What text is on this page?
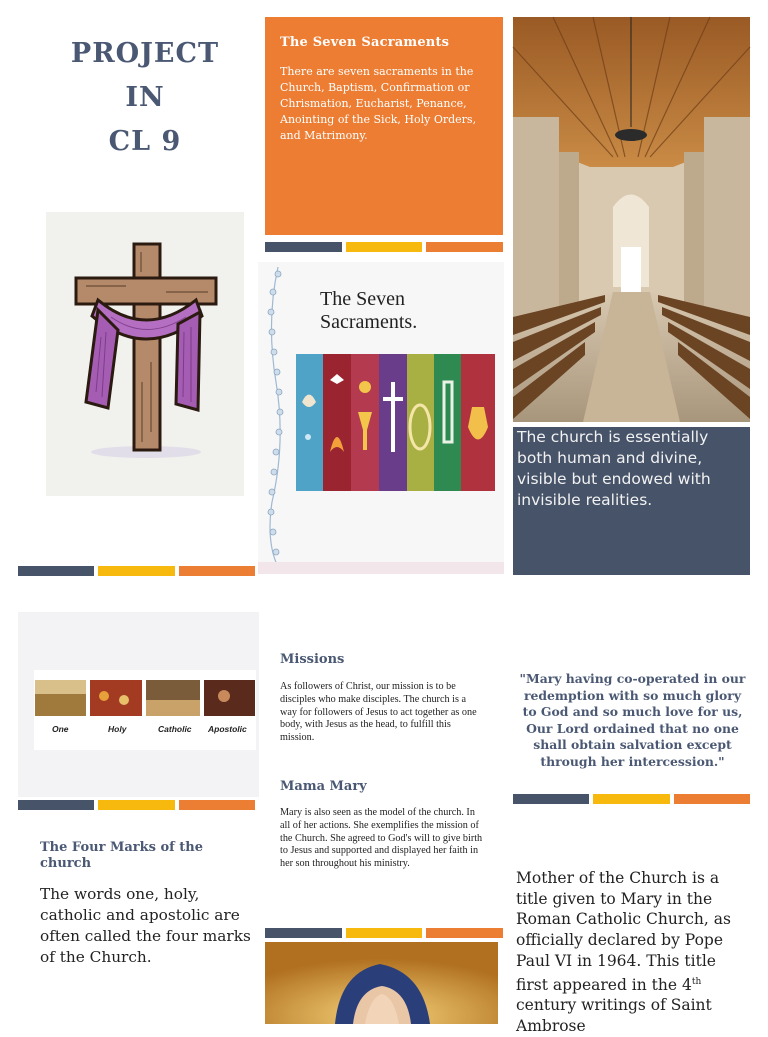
PROJECT
IN
CL 9
The Seven Sacraments

There are seven sacraments in the Church, Baptism, Confirmation or Chrismation, Eucharist, Penance, Anointing of the Sick, Holy Orders, and Matrimony.

The Seven Sacraments.

The church is essentially both human and divine, visible but endowed with invisible realities.

One	Holy	Catholic Apostolic
The Four Marks of the church
The words one, holy, catholic and apostolic are often called the four marks of the Church.
Missions
As followers of Christ, our mission is to be disciples who make disciples. The church is a way for followers of Jesus to act together as one body, with Jesus as the head, to fulfill this mission.
Mama Mary
Mary is also seen as the model of the church. In all of her actions. She exemplifies the mission of the Church. She agreed to God's will to give birth to Jesus and supported and displayed her faith in her son throughout his ministry.
"Mary having co-operated in our redemption with so much glory to God and so much love for us, Our Lord ordained that no one shall obtain salvation except through her intercession."
Mother of the Church is a title given to Mary in the Roman Catholic Church, as officially declared by Pope Paul VI in 1964. This title first appeared in the 4th century writings of Saint Ambrose
